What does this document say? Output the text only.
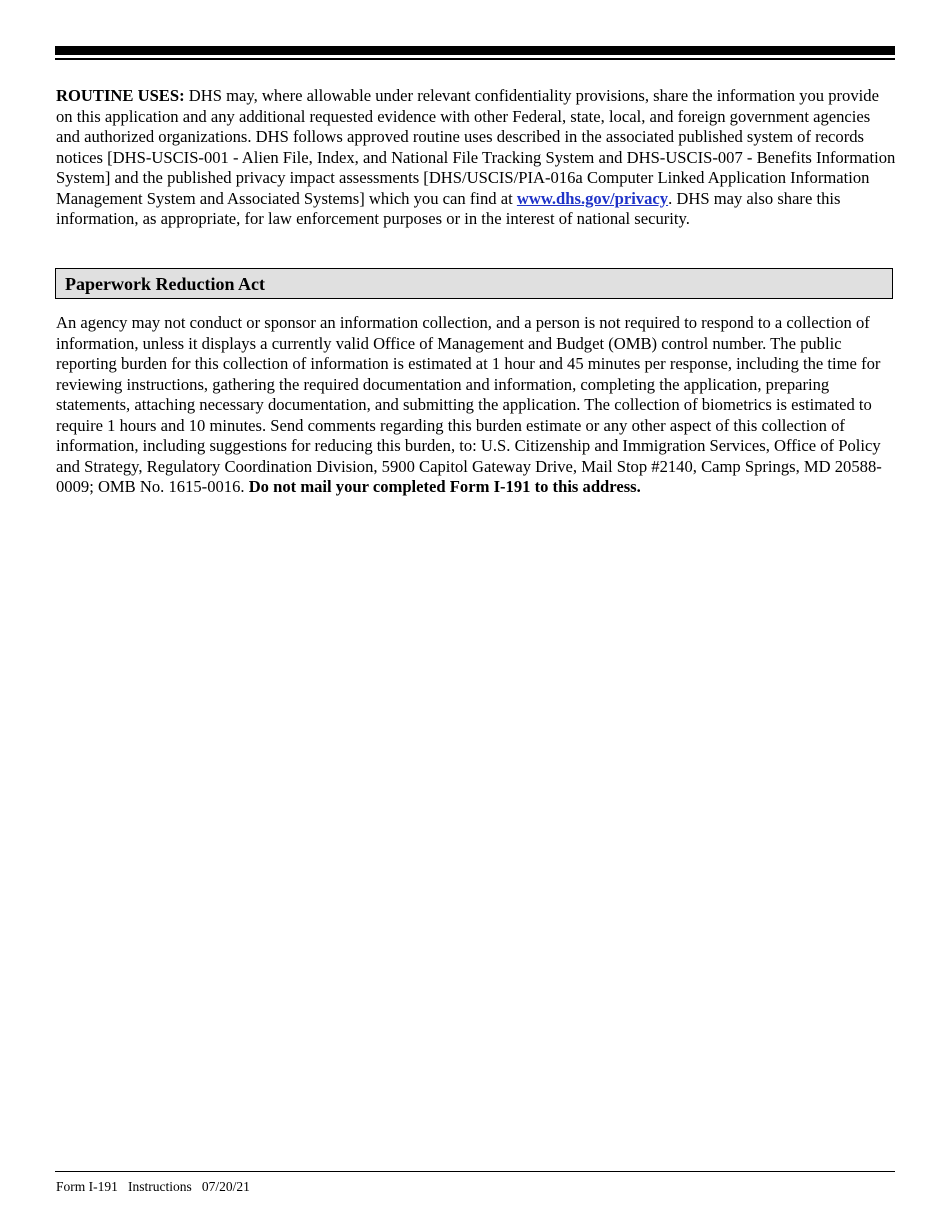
ROUTINE USES: DHS may, where allowable under relevant confidentiality provisions, share the information you provide on this application and any additional requested evidence with other Federal, state, local, and foreign government agencies and authorized organizations. DHS follows approved routine uses described in the associated published system of records notices [DHS-USCIS-001 - Alien File, Index, and National File Tracking System and DHS-USCIS-007 - Benefits Information System] and the published privacy impact assessments [DHS/USCIS/PIA-016a Computer Linked Application Information Management System and Associated Systems] which you can find at www.dhs.gov/privacy. DHS may also share this information, as appropriate, for law enforcement purposes or in the interest of national security.

Paperwork Reduction Act

An agency may not conduct or sponsor an information collection, and a person is not required to respond to a collection of information, unless it displays a currently valid Office of Management and Budget (OMB) control number. The public reporting burden for this collection of information is estimated at 1 hour and 45 minutes per response, including the time for reviewing instructions, gathering the required documentation and information, completing the application, preparing statements, attaching necessary documentation, and submitting the application. The collection of biometrics is estimated to require 1 hours and 10 minutes. Send comments regarding this burden estimate or any other aspect of this collection of information, including suggestions for reducing this burden, to: U.S. Citizenship and Immigration Services, Office of Policy and Strategy, Regulatory Coordination Division, 5900 Capitol Gateway Drive, Mail Stop #2140, Camp Springs, MD 20588-0009; OMB No. 1615-0016. Do not mail your completed Form I-191 to this address.

Form I-191 Instructions 07/20/21
